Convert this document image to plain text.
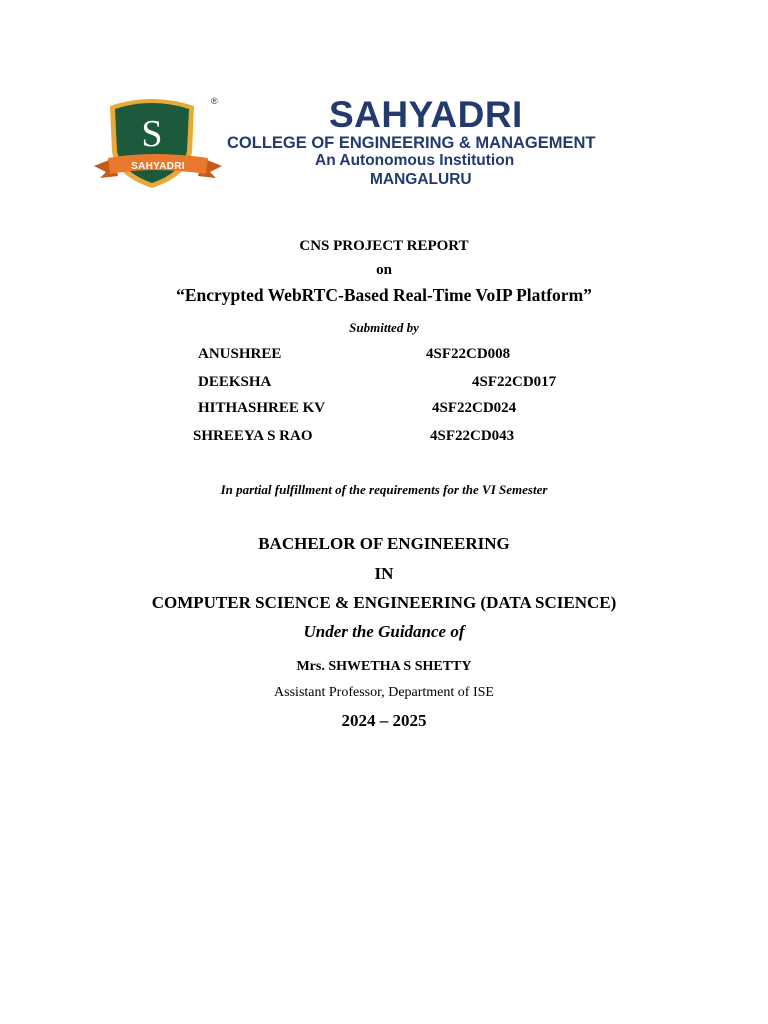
S
SAHYADRI
®	SAHYADRI
COLLEGE OF ENGINEERING & MANAGEMENT
An Autonomous Institution
MANGALURU
CNS PROJECT REPORT
on
“Encrypted WebRTC-Based Real-Time VoIP Platform”
Submitted by
ANUSHREE	4SF22CD008
DEEKSHA	4SF22CD017
HITHASHREE KV	4SF22CD024
SHREEYA S RAO	4SF22CD043
In partial fulfillment of the requirements for the VI Semester
BACHELOR OF ENGINEERING
IN
COMPUTER SCIENCE & ENGINEERING (DATA SCIENCE)
Under the Guidance of
Mrs. SHWETHA S SHETTY
Assistant Professor, Department of ISE
2024 – 2025
